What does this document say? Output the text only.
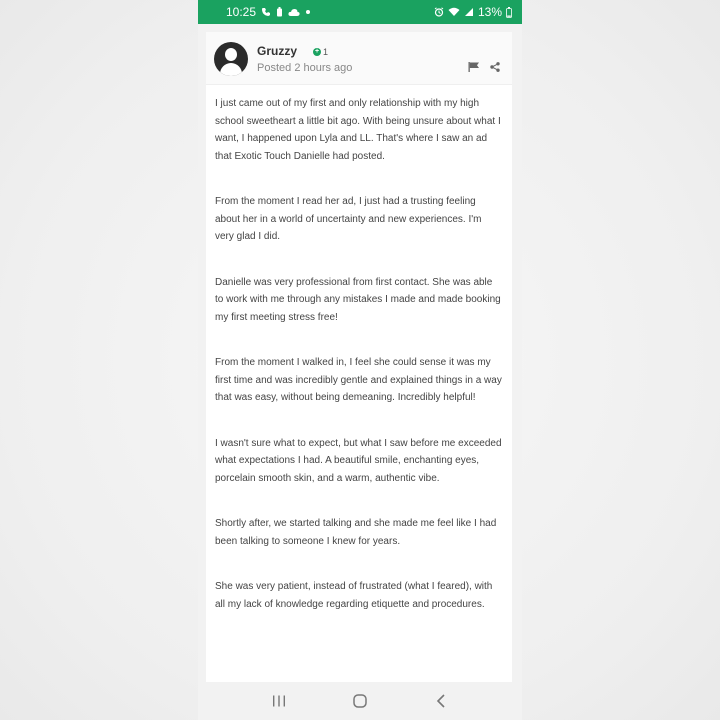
10:25	13%
Gruzzy	+ 1
Posted 2 hours ago

I just came out of my first and only relationship with my high school sweetheart a little bit ago. With being unsure about what I want, I happened upon Lyla and LL. That's where I saw an ad that Exotic Touch Danielle had posted.

From the moment I read her ad, I just had a trusting feeling about her in a world of uncertainty and new experiences. I'm very glad I did.

Danielle was very professional from first contact. She was able to work with me through any mistakes I made and made booking my first meeting stress free!

From the moment I walked in, I feel she could sense it was my first time and was incredibly gentle and explained things in a way that was easy, without being demeaning. Incredibly helpful!

I wasn't sure what to expect, but what I saw before me exceeded what expectations I had. A beautiful smile, enchanting eyes, porcelain smooth skin, and a warm, authentic vibe.

Shortly after, we started talking and she made me feel like I had been talking to someone I knew for years.

She was very patient, instead of frustrated (what I feared), with all my lack of knowledge regarding etiquette and procedures.
